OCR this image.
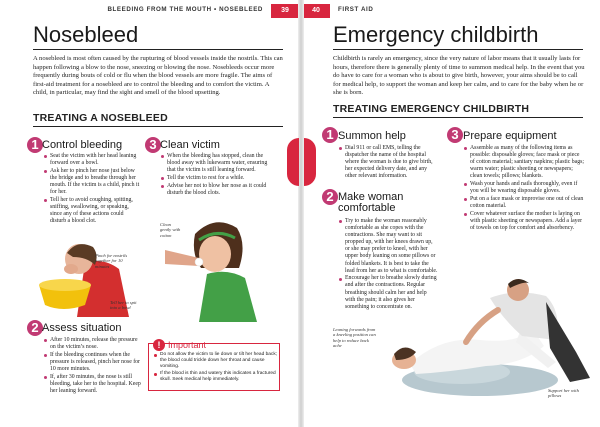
BLEEDING FROM THE MOUTH • NOSEBLEED	39	40	FIRST AID
Nosebleed
A nosebleed is most often caused by the rupturing of blood vessels inside the nostrils. This can happen following a blow to the nose, sneezing or blowing the nose. Nosebleeds occur more frequently during bouts of cold or flu when the blood vessels are more fragile. The aims of first-aid treatment for a nosebleed are to control the bleeding and to comfort the victim. A child, in particular, may find the sight and smell of the blood upsetting.
TREATING A NOSEBLEED
1 Control bleeding
Seat the victim with her head leaning forward over a bowl.
Ask her to pinch her nose just below the bridge and to breathe through her mouth. If the victim is a child, pinch it for her.
Tell her to avoid coughing, spitting, sniffing, swallowing, or speaking, since any of these actions could disturb a blood clot.
Pinch for nostrils together for 10 minutes
Tell her to spit into a bowl
2 Assess situation
After 10 minutes, release the pressure on the victim’s nose.
If the bleeding continues when the pressure is released, pinch her nose for 10 more minutes.
If, after 30 minutes, the nose is still bleeding, take her to the hospital. Keep her leaning forward.
3 Clean victim
When the bleeding has stopped, clean the blood away with lukewarm water, ensuring that the victim is still leaning forward.
Tell the victim to rest for a while.
Advise her not to blow her nose as it could disturb the blood clots.
Clean gently with cotton
! Important
Do not allow the victim to lie down or tilt her head back; the blood could trickle down her throat and cause vomiting.
If the blood is thin and watery this indicates a fractured skull. Seek medical help immediately.
Emergency childbirth
Childbirth is rarely an emergency, since the very nature of labor means that it usually lasts for hours, therefore there is generally plenty of time to summon medical help. In the event that you do have to care for a woman who is about to give birth, however, your aims should be to call for medical help, to support the woman and keep her calm, and to care for the baby when he or she is born.
TREATING EMERGENCY CHILDBIRTH
1 Summon help
Dial 911 or call EMS, telling the dispatcher the name of the hospital where the woman is due to give birth, her expected delivery date, and any other relevant information.
2 Make woman comfortable
Try to make the woman reasonably comfortable as she copes with the contractions. She may want to sit propped up, with her knees drawn up, or she may prefer to kneel, with her upper body leaning on some pillows or folded blankets. It is best to take the lead from her as to what is comfortable.
Encourage her to breathe slowly during and after the contractions. Regular breathing should calm her and help with the pain; it also gives her something to concentrate on.
3 Prepare equipment
Assemble as many of the following items as possible: disposable gloves; face mask or piece of cotton material; sanitary napkins; plastic bags; warm water; plastic sheeting or newspapers; clean towels; pillows; blankets.
Wash your hands and nails thoroughly, even if you will be wearing disposable gloves.
Put on a face mask or improvise one out of clean cotton material.
Cover whatever surface the mother is laying on with plastic sheeting or newspapers. Add a layer of towels on top for comfort and absorbency.
Leaning forwards from a kneeling position can help to reduce back ache
Support her with pillows
